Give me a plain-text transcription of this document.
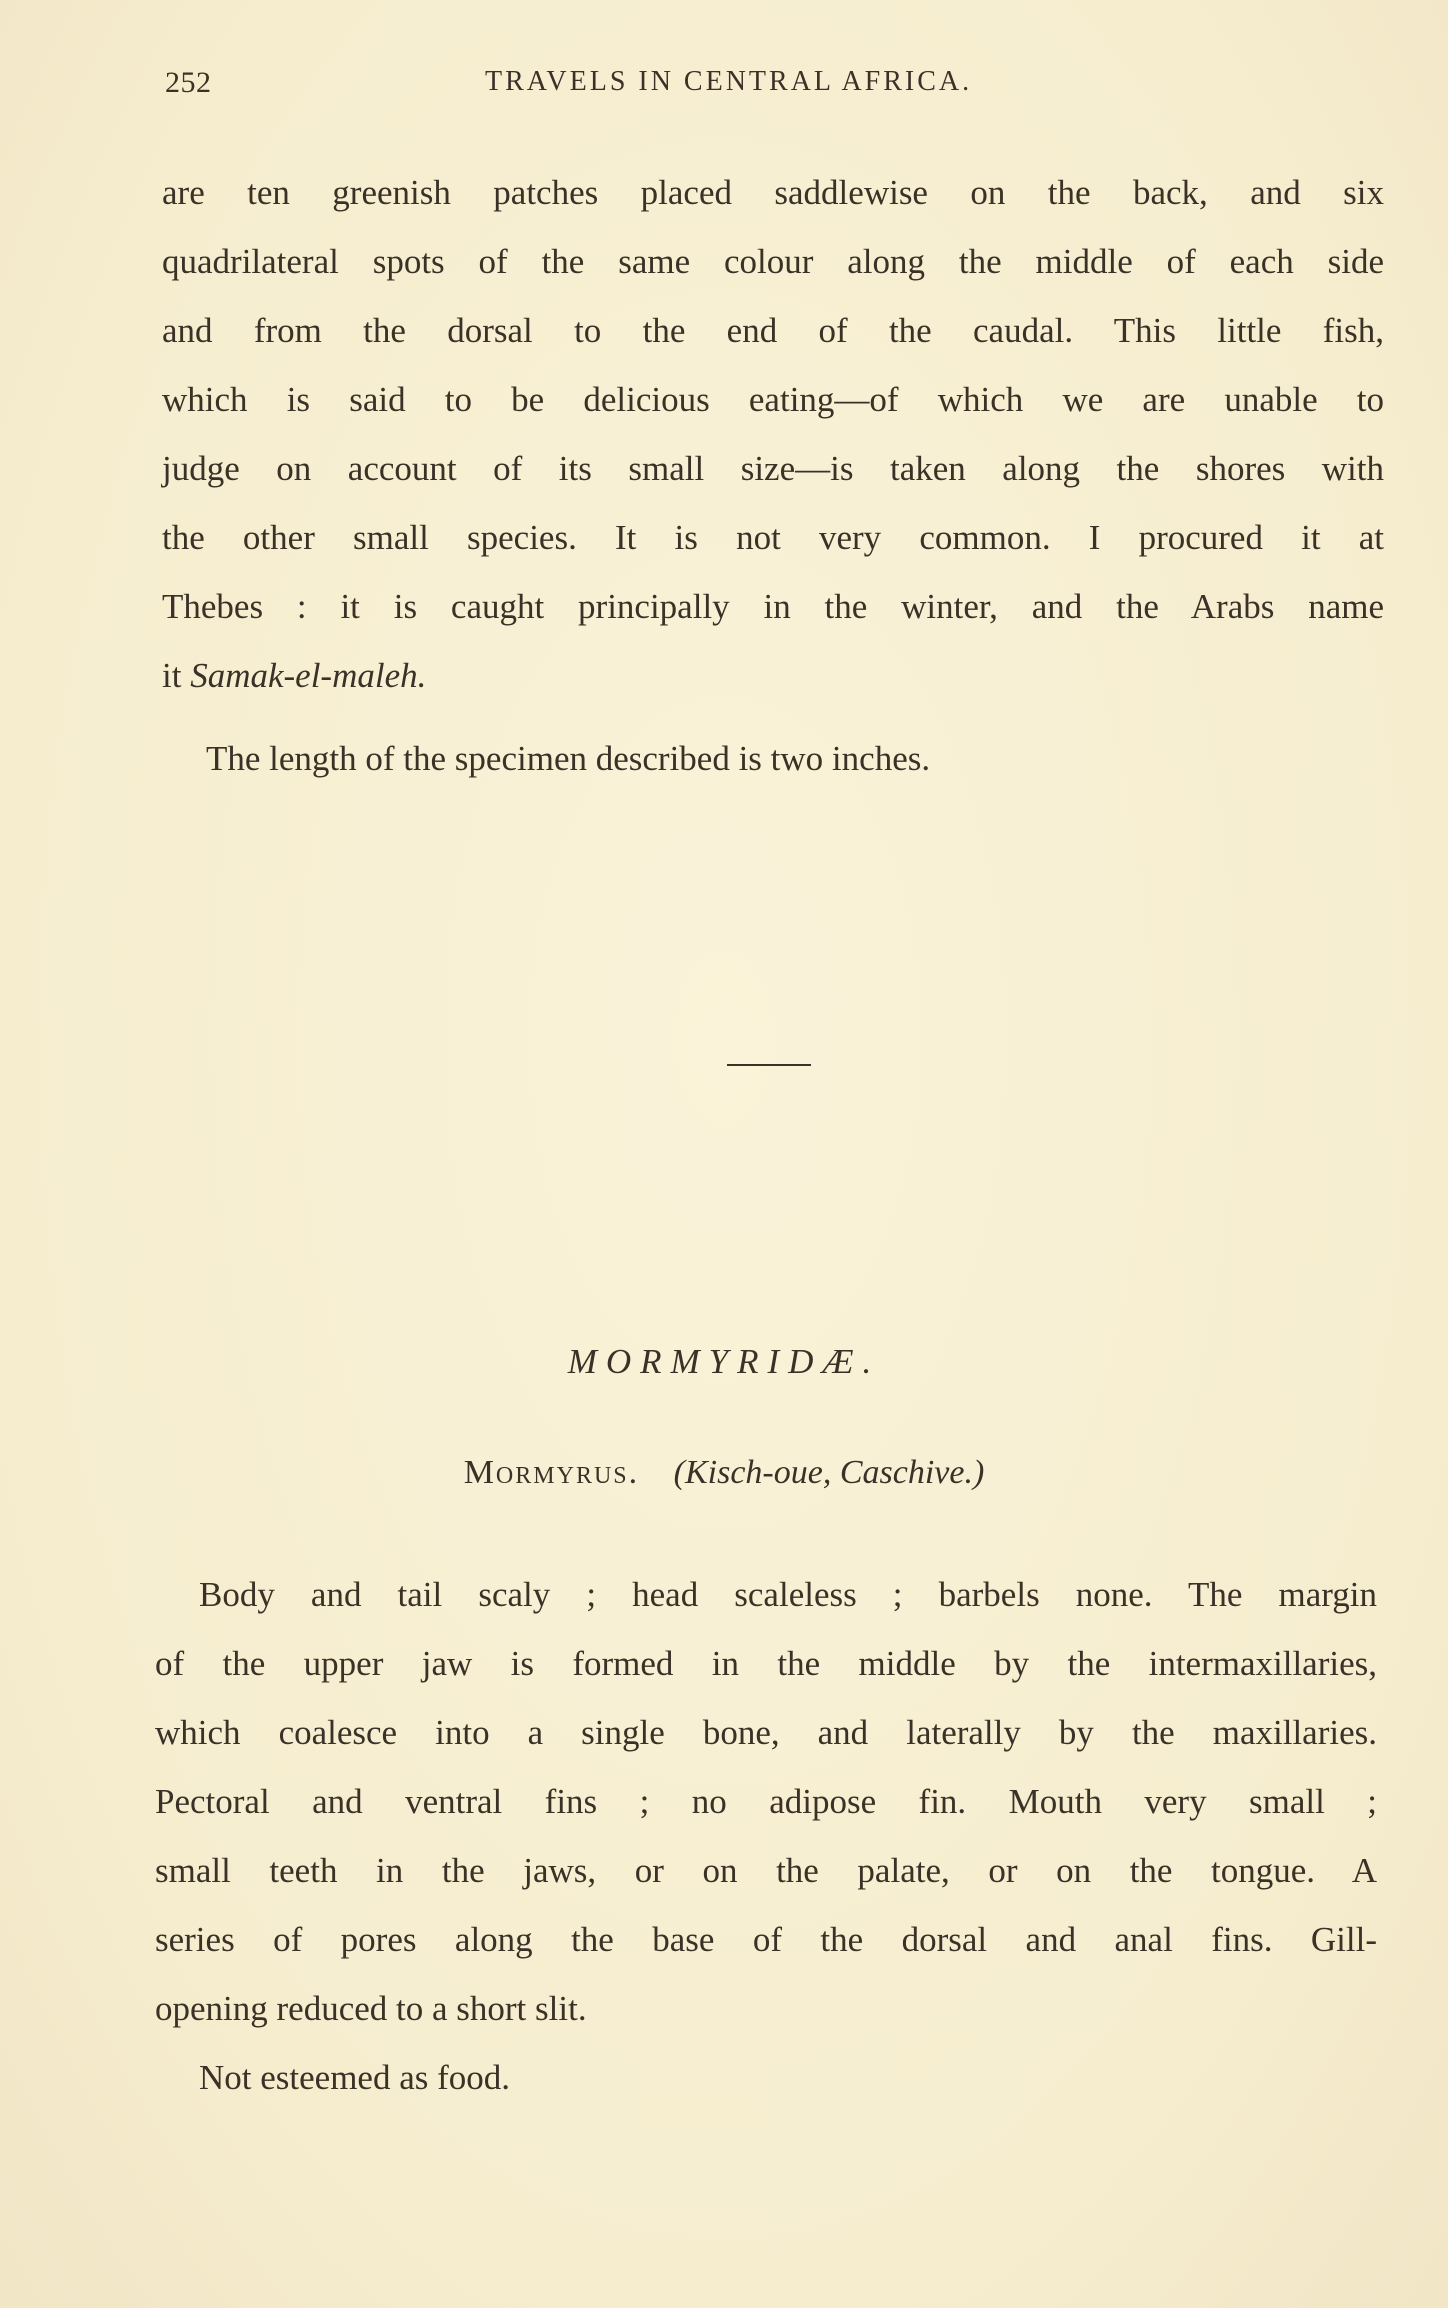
252	TRAVELS IN CENTRAL AFRICA.
are ten greenish patches placed saddlewise on the back, and six
quadrilateral spots of the same colour along the middle of each side
and from the dorsal to the end of the caudal. This little fish,
which is said to be delicious eating—of which we are unable to
judge on account of its small size—is taken along the shores with
the other small species. It is not very common. I procured it at
Thebes : it is caught principally in the winter, and the Arabs name
it Samak-el-maleh.
The length of the specimen described is two inches.
MORMYRIDÆ.
Mormyrus. (Kisch-oue, Caschive.)
Body and tail scaly ; head scaleless ; barbels none. The margin
of the upper jaw is formed in the middle by the intermaxillaries,
which coalesce into a single bone, and laterally by the maxillaries.
Pectoral and ventral fins ; no adipose fin. Mouth very small ;
small teeth in the jaws, or on the palate, or on the tongue. A
series of pores along the base of the dorsal and anal fins. Gill-
opening reduced to a short slit.
Not esteemed as food.
